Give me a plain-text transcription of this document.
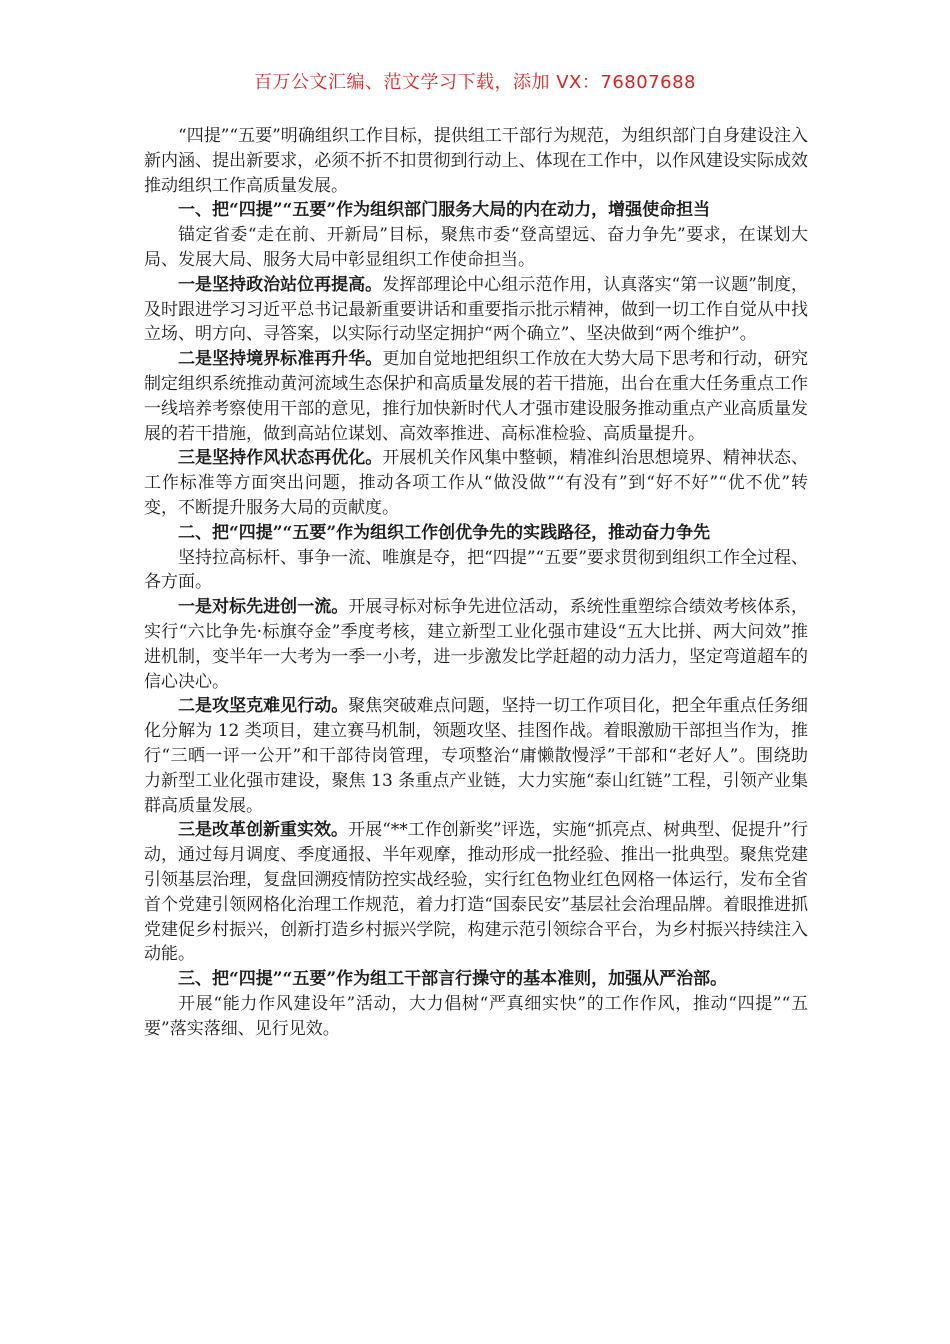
百万公文汇编、范文学习下载，添加 VX：76807688

“四提”“五要”明确组织工作目标，提供组工干部行为规范，为组织部门自身建设注入新内涵、提出新要求，必须不折不扣贯彻到行动上、体现在工作中，以作风建设实际成效推动组织工作高质量发展。

一、把“四提”“五要”作为组织部门服务大局的内在动力，增强使命担当

锚定省委“走在前、开新局”目标，聚焦市委“登高望远、奋力争先”要求，在谋划大局、发展大局、服务大局中彰显组织工作使命担当。

一是坚持政治站位再提高。发挥部理论中心组示范作用，认真落实“第一议题”制度，及时跟进学习习近平总书记最新重要讲话和重要指示批示精神，做到一切工作自觉从中找立场、明方向、寻答案，以实际行动坚定拥护“两个确立”、坚决做到“两个维护”。

二是坚持境界标准再升华。更加自觉地把组织工作放在大势大局下思考和行动，研究制定组织系统推动黄河流域生态保护和高质量发展的若干措施，出台在重大任务重点工作一线培养考察使用干部的意见，推行加快新时代人才强市建设服务推动重点产业高质量发展的若干措施，做到高站位谋划、高效率推进、高标准检验、高质量提升。

三是坚持作风状态再优化。开展机关作风集中整顿，精准纠治思想境界、精神状态、工作标准等方面突出问题，推动各项工作从“做没做”“有没有”到“好不好”“优不优”转变，不断提升服务大局的贡献度。

二、把“四提”“五要”作为组织工作创优争先的实践路径，推动奋力争先

坚持拉高标杆、事争一流、唯旗是夺，把“四提”“五要”要求贯彻到组织工作全过程、各方面。

一是对标先进创一流。开展寻标对标争先进位活动，系统性重塑综合绩效考核体系，实行“六比争先·标旗夺金”季度考核，建立新型工业化强市建设“五大比拼、两大问效”推进机制，变半年一大考为一季一小考，进一步激发比学赶超的动力活力，坚定弯道超车的信心决心。

二是攻坚克难见行动。聚焦突破难点问题，坚持一切工作项目化，把全年重点任务细化分解为 12 类项目，建立赛马机制，领题攻坚、挂图作战。着眼激励干部担当作为，推行“三晒一评一公开”和干部待岗管理，专项整治“庸懒散慢浮”干部和“老好人”。围绕助力新型工业化强市建设，聚焦 13 条重点产业链，大力实施“泰山红链”工程，引领产业集群高质量发展。

三是改革创新重实效。开展“**工作创新奖”评选，实施“抓亮点、树典型、促提升”行动，通过每月调度、季度通报、半年观摩，推动形成一批经验、推出一批典型。聚焦党建引领基层治理，复盘回溯疫情防控实战经验，实行红色物业红色网格一体运行，发布全省首个党建引领网格化治理工作规范，着力打造“国泰民安”基层社会治理品牌。着眼推进抓党建促乡村振兴，创新打造乡村振兴学院，构建示范引领综合平台，为乡村振兴持续注入动能。

三、把“四提”“五要”作为组工干部言行操守的基本准则，加强从严治部。

开展“能力作风建设年”活动，大力倡树“严真细实快”的工作作风，推动“四提”“五要”落实落细、见行见效。
